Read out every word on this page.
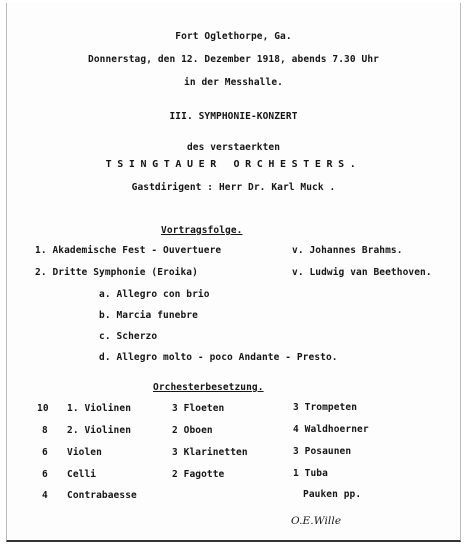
Fort Oglethorpe, Ga.
Donnerstag, den 12. Dezember 1918, abends 7.30 Uhr
in der Messhalle.
III. SYMPHONIE-KONZERT
des verstaerkten
TSINGTAUER ORCHESTERS.
Gastdirigent : Herr Dr. Karl Muck .
Vortragsfolge.
1. Akademische Fest - Ouvertuere	v. Johannes Brahms.
2. Dritte Symphonie (Eroika)	v. Ludwig van Beethoven.
a. Allegro con brio
b. Marcia funebre
c. Scherzo
d. Allegro molto - poco Andante - Presto.
Orchesterbesetzung.
10 1. Violinen
8 2. Violinen
6 Violen
6 Celli
4 Contrabaesse
3 Floeten
2 Oboen
3 Klarinetten
2 Fagotte
3 Trompeten
4 Waldhoerner
3 Posaunen
1 Tuba
Pauken pp.
O.E.Wille
